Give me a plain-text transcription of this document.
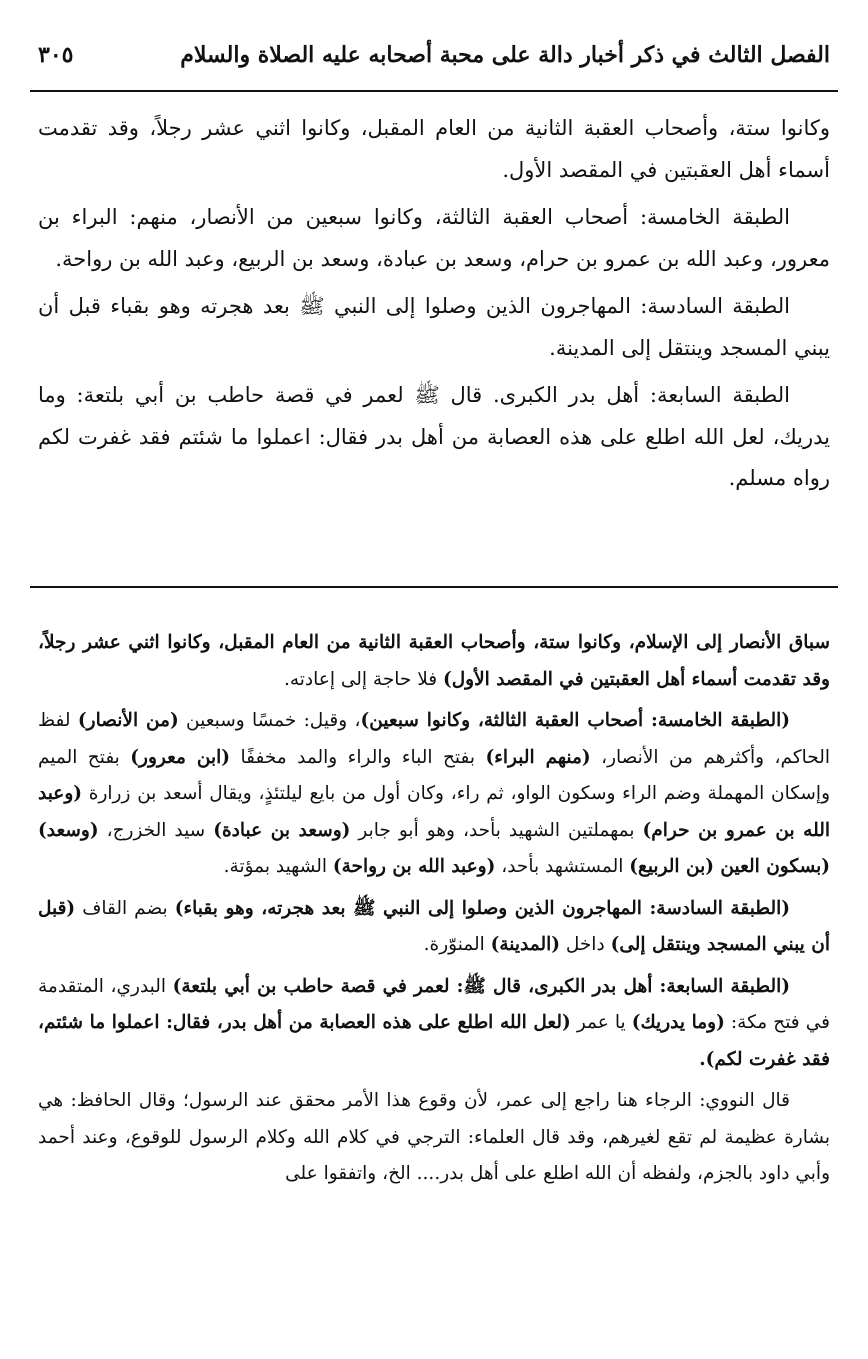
الفصل الثالث في ذكر أخبار دالة على محبة أصحابه عليه الصلاة والسلام
٣٠٥

وكانوا ستة، وأصحاب العقبة الثانية من العام المقبل، وكانوا اثني عشر رجلاً، وقد تقدمت أسماء أهل العقبتين في المقصد الأول.

الطبقة الخامسة: أصحاب العقبة الثالثة، وكانوا سبعين من الأنصار، منهم: البراء بن معرور، وعبد الله بن عمرو بن حرام، وسعد بن عبادة، وسعد بن الربيع، وعبد الله بن رواحة.

الطبقة السادسة: المهاجرون الذين وصلوا إلى النبي ﷺ بعد هجرته وهو بقباء قبل أن يبني المسجد وينتقل إلى المدينة.

الطبقة السابعة: أهل بدر الكبرى. قال ﷺ لعمر في قصة حاطب بن أبي بلتعة: وما يدريك، لعل الله اطلع على هذه العصابة من أهل بدر فقال: اعملوا ما شئتم فقد غفرت لكم رواه مسلم.

سباق الأنصار إلى الإسلام، وكانوا ستة، وأصحاب العقبة الثانية من العام المقبل، وكانوا اثني عشر رجلاً، وقد تقدمت أسماء أهل العقبتين في المقصد الأول) فلا حاجة إلى إعادته.

(الطبقة الخامسة: أصحاب العقبة الثالثة، وكانوا سبعين)، وقيل: خمسًا وسبعين (من الأنصار) لفظ الحاكم، وأكثرهم من الأنصار، (منهم البراء) بفتح الباء والراء والمد مخففًا (ابن معرور) بفتح الميم وإسكان المهملة وضم الراء وسكون الواو، ثم راء، وكان أول من بايع ليلتئذٍ، ويقال أسعد بن زرارة (وعبد الله بن عمرو بن حرام) بمهملتين الشهيد بأحد، وهو أبو جابر (وسعد بن عبادة) سيد الخزرج، (وسعد) (بسكون العين (بن الربيع) المستشهد بأحد، (وعبد الله بن رواحة) الشهيد بمؤتة.

(الطبقة السادسة: المهاجرون الذين وصلوا إلى النبي ﷺ بعد هجرته، وهو بقباء) بضم القاف (قبل أن يبني المسجد وينتقل إلى) داخل (المدينة) المنوّرة.

(الطبقة السابعة: أهل بدر الكبرى، قال ﷺ: لعمر في قصة حاطب بن أبي بلتعة) البدري، المتقدمة في فتح مكة: (وما يدريك) يا عمر (لعل الله اطلع على هذه العصابة من أهل بدر، فقال: اعملوا ما شئتم، فقد غفرت لكم).

قال النووي: الرجاء هنا راجع إلى عمر، لأن وقوع هذا الأمر محقق عند الرسول؛ وقال الحافظ: هي بشارة عظيمة لم تقع لغيرهم، وقد قال العلماء: الترجي في كلام الله وكلام الرسول للوقوع، وعند أحمد وأبي داود بالجزم، ولفظه أن الله اطلع على أهل بدر.... الخ، واتفقوا على
